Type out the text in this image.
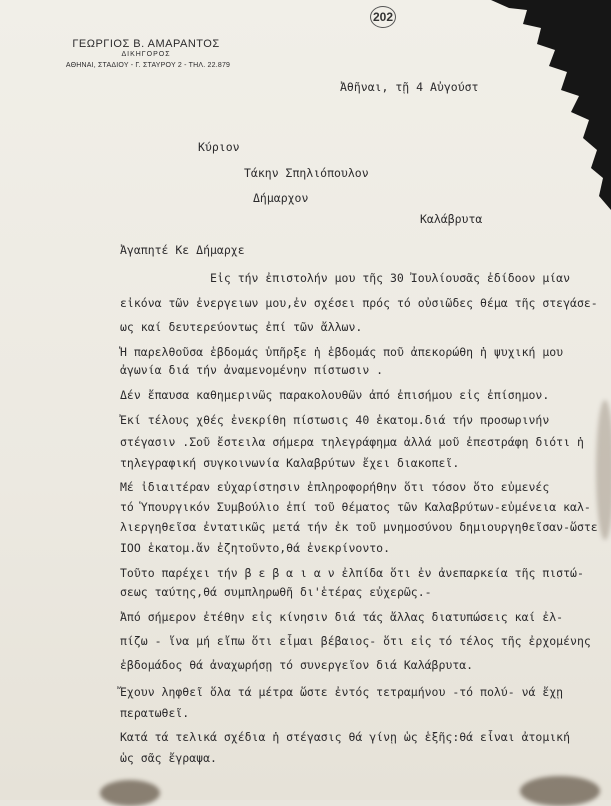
202
ΓΕΩΡΓΙΟΣ Β. ΑΜΑΡΑΝΤΟΣ
ΔΙΚΗΓΟΡΟΣ
ΑΘΗΝΑΙ, ΣΤΑΔΙΟΥ - Γ. ΣΤΑΥΡΟΥ 2 - ΤΗΛ. 22.879
Ἀθῆναι, τῇ 4 Αὐγούστ
Κύριον
Τάκην Σπηλιόπουλον
Δήμαρχον
Καλάβρυτα
Ἀγαπητέ Κε Δήμαρχε
Εἰς τήν ἐπιστολήν μου τῆς 30 Ἰουλίουσᾶς ἐδίδοον μίαν
εἰκόνα τῶν ἐνεργειων μου,ἐν σχέσει πρός τό οὐσιῶδες θέμα τῆς στεγάσε-
ως καί δευτερεύοντως ἐπί τῶν ἄλλων.
Ἡ παρελθοῦσα ἑβδομάς ὑπῆρξε ἡ ἑβδομάς ποῦ ἀπεκορώθη ἡ ψυχική μου
ἀγωνία διά τήν ἀναμενομένην πίστωσιν .
Δέν ἔπαυσα καθημερινῶς παρακολουθῶν ἀπό ἐπισήμου εἰς ἐπίσημον.
Ἐκί τέλους χθές ἐνεκρίθη πίστωσις 40 ἑκατομ.διά τήν προσωρινήν
στέγασιν .Σοῦ ἔστειλα σήμερα τηλεγράφημα ἀλλά μοῦ ἐπεστράφη διότι ἡ
τηλεγραφική συγκοινωνία Καλαβρύτων ἔχει διακοπεῖ.
Μέ ἰδιαιτέραν εὐχαρίστησιν ἐπληροφορήθην ὅτι τόσον ὅτο εὐμενές
τό Ὑπουργικόν Συμβούλιο ἐπί τοῦ θέματος τῶν Καλαβρύτων-εὐμένεια καλ-
λιεργηθεῖσα ἐντατικῶς μετά τήν ἐκ τοῦ μνημοσύνου δημιουργηθεῖσαν-ὥστε
IOO ἑκατομ.ἄν ἐζητοῦντο,θά ἐνεκρίνοντο.
Τοῦτο παρέχει τήν β ε β α ι α ν ἐλπίδα ὅτι ἐν ἀνεπαρκεία τῆς πιστώ-
σεως ταύτης,θά συμπληρωθῆ δι'ἑτέρας εὐχερῶς.-
Ἀπό σήμερον ἐτέθην εἰς κίνησιν διά τάς ἄλλας διατυπώσεις καί ἐλ-
πίζω - ἵνα μή εἴπω ὅτι εἶμαι βέβαιος- ὅτι εἰς τό τέλος τῆς ἐρχομένης
ἑβδομάδος θά ἀναχωρήσῃ τό συνεργεῖον διά Καλάβρυτα.
Ἔχουν ληφθεῖ ὅλα τά μέτρα ὥστε ἐντός τετραμήνου -τό πολύ- νά ἔχῃ
περατωθεῖ.
Κατά τά τελικά σχέδια ἡ στέγασις θά γίνῃ ὡς ἑξῆς:θά εἶναι ἀτομική
ὡς σᾶς ἔγραψα.
